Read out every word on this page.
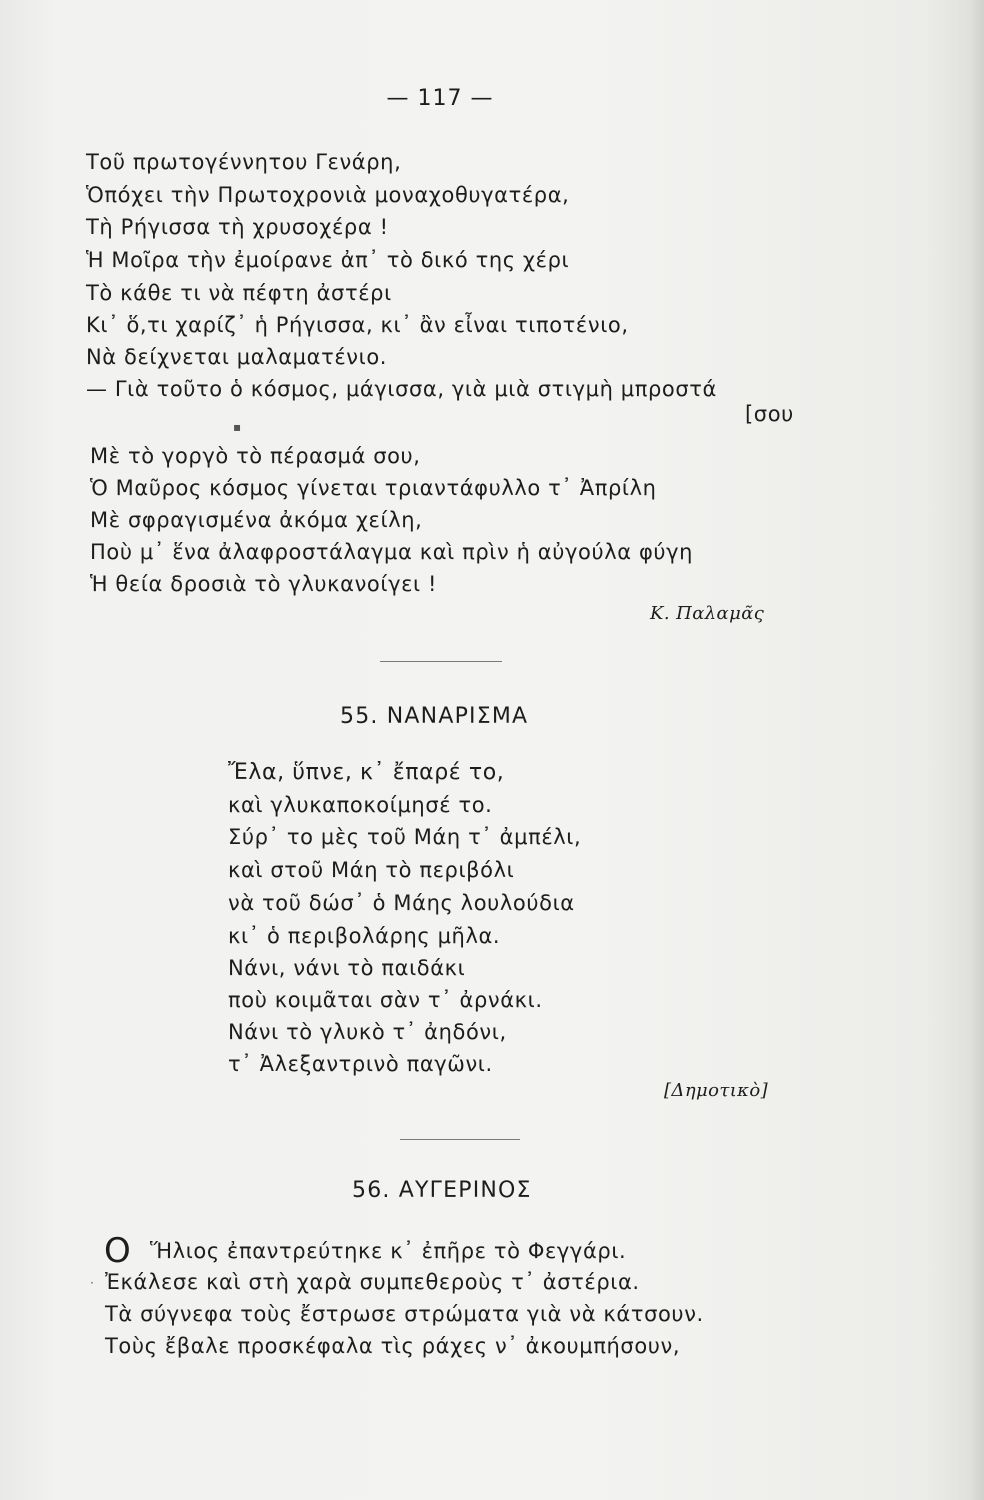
— 117 —
Τοῦ πρωτογέννητου Γενάρη,
Ὁπόχει τὴν Πρωτοχρονιὰ μοναχοθυγατέρα,
Τὴ Ρήγισσα τὴ χρυσοχέρα !
Ἡ Μοῖρα τὴν ἐμοίρανε ἀπ᾽ τὸ δικό της χέρι
Τὸ κάθε τι νὰ πέφτη ἀστέρι
Κι᾽ ὅ,τι χαρίζ᾽ ἡ Ρήγισσα, κι᾽ ἂν εἶναι τιποτένιο,
Νὰ δείχνεται μαλαματένιο.
— Γιὰ τοῦτο ὁ κόσμος, μάγισσα, γιὰ μιὰ στιγμὴ μπροστά
[σου
▪
Μὲ τὸ γοργὸ τὸ πέρασμά σου,
Ὁ Μαῦρος κόσμος γίνεται τριαντάφυλλο τ᾽ Ἀπρίλη
Μὲ σφραγισμένα ἀκόμα χείλη,
Ποὺ μ᾽ ἕνα ἀλαφροστάλαγμα καὶ πρὶν ἡ αὐγούλα φύγη
Ἡ θεία δροσιὰ τὸ γλυκανοίγει !
Κ. Παλαμᾶς
55. ΝΑΝΑΡΙΣΜΑ
Ἔλα, ὕπνε, κ᾽ ἔπαρέ το,
καὶ γλυκαποκοίμησέ το.
Σύρ᾽ το μὲς τοῦ Μάη τ᾽ ἀμπέλι,
καὶ στοῦ Μάη τὸ περιβόλι
νὰ τοῦ δώσ᾽ ὁ Μάης λουλούδια
κι᾽ ὁ περιβολάρης μῆλα.
Νάνι, νάνι τὸ παιδάκι
ποὺ κοιμᾶται σὰν τ᾽ ἀρνάκι.
Νάνι τὸ γλυκὸ τ᾽ ἀηδόνι,
τ᾽ Ἀλεξαντρινὸ παγῶνι.
[Δημοτικὸ]
56. ΑΥΓΕΡΙΝΟΣ
Ο Ἥλιος ἐπαντρεύτηκε κ᾽ ἐπῆρε τὸ Φεγγάρι.
· Ἐκάλεσε καὶ στὴ χαρὰ συμπεθεροὺς τ᾽ ἀστέρια.
Τὰ σύγνεφα τοὺς ἔστρωσε στρώματα γιὰ νὰ κάτσουν.
Τοὺς ἔβαλε προσκέφαλα τὶς ράχες ν᾽ ἀκουμπήσουν,
